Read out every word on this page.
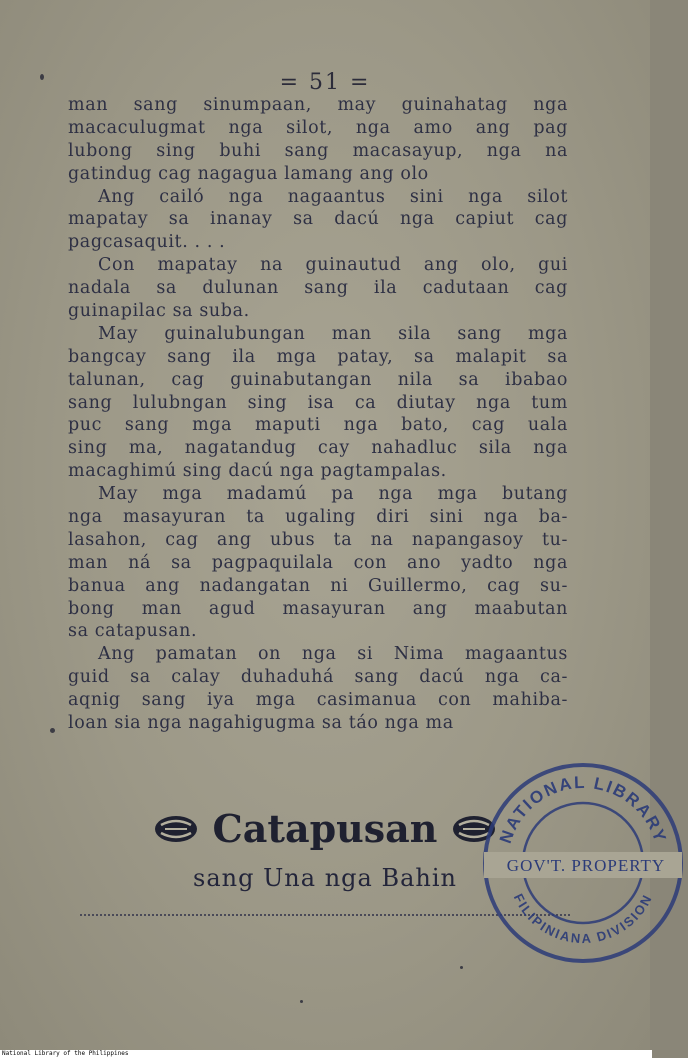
= 51 =
man sang sinumpaan, may guinahatag nga
macaculugmat nga silot, nga amo ang pag
lubong sing buhi sang macasayup, nga na
gatindug cag nagagua lamang ang olo
Ang cailó nga nagaantus sini nga silot
mapatay sa inanay sa dacú nga capiut cag
pagcasaquit. . . .
Con mapatay na guinautud ang olo, gui
nadala sa dulunan sang ila cadutaan cag
guinapilac sa suba.
May guinalubungan man sila sang mga
bangcay sang ila mga patay, sa malapit sa
talunan, cag guinabutangan nila sa ibabao
sang lulubngan sing isa ca diutay nga tum
puc sang mga maputi nga bato, cag uala
sing ma, nagatandug cay nahadluc sila nga
macaghimú sing dacú nga pagtampalas.
May mga madamú pa nga mga butang
nga masayuran ta ugaling diri sini nga ba-
lasahon, cag ang ubus ta na napangasoy tu-
man ná sa pagpaquilala con ano yadto nga
banua ang nadangatan ni Guillermo, cag su-
bong man agud masayuran ang maabutan
sa catapusan.
Ang pamatan on nga si Nima magaantus
guid sa calay duhaduhá sang dacú nga ca-
aqnig sang iya mga casimanua con mahiba-
loan sia nga nagahigugma sa táo nga ma
Catapusan
sang Una nga Bahin
NATIONAL LIBRARY
GOV'T. PROPERTY
FILIPINIANA DIVISION
National Library of the Philippines
